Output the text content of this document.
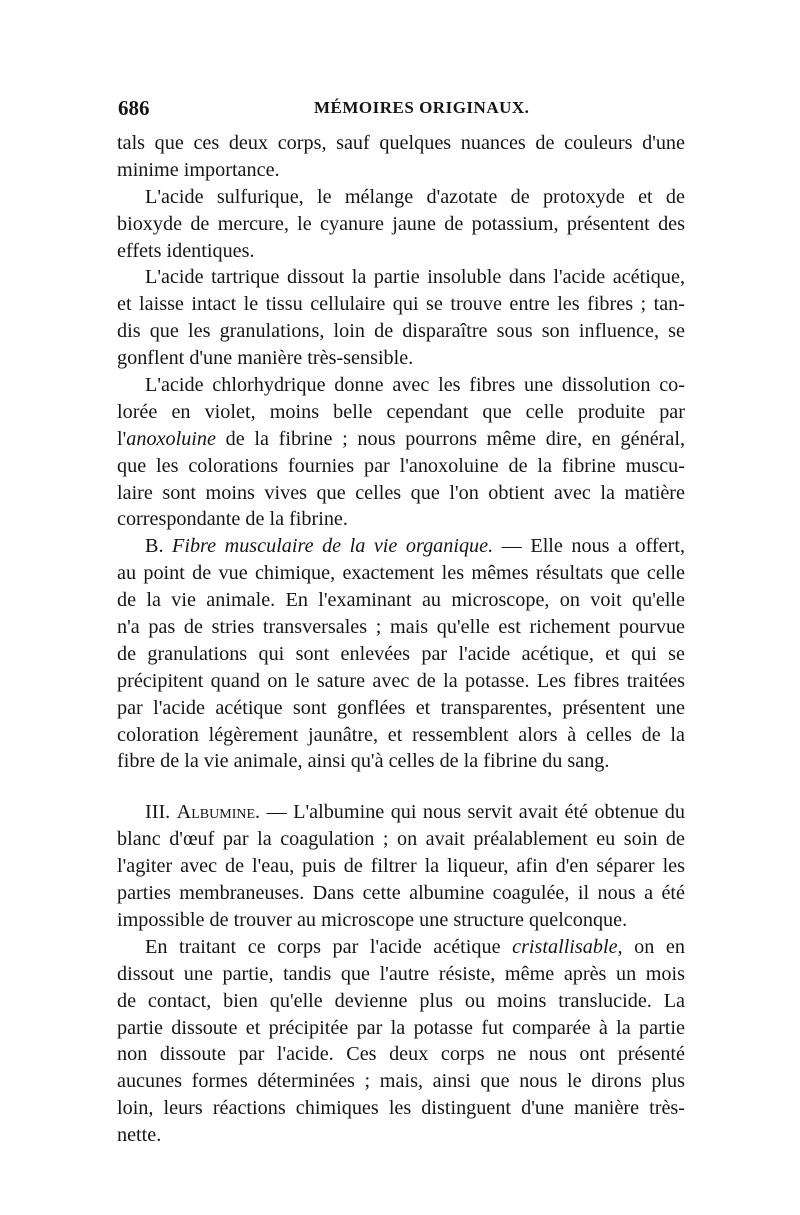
686	MÉMOIRES ORIGINAUX.
tals que ces deux corps, sauf quelques nuances de couleurs d'une
minime importance.
L'acide sulfurique, le mélange d'azotate de protoxyde et de
bioxyde de mercure, le cyanure jaune de potassium, présentent des
effets identiques.
L'acide tartrique dissout la partie insoluble dans l'acide acétique,
et laisse intact le tissu cellulaire qui se trouve entre les fibres ; tan-
dis que les granulations, loin de disparaître sous son influence, se
gonflent d'une manière très-sensible.
L'acide chlorhydrique donne avec les fibres une dissolution co-
lorée en violet, moins belle cependant que celle produite par
l'anoxoluine de la fibrine ; nous pourrons même dire, en général,
que les colorations fournies par l'anoxoluine de la fibrine muscu-
laire sont moins vives que celles que l'on obtient avec la matière
correspondante de la fibrine.
B. Fibre musculaire de la vie organique. — Elle nous a offert,
au point de vue chimique, exactement les mêmes résultats que celle
de la vie animale. En l'examinant au microscope, on voit qu'elle
n'a pas de stries transversales ; mais qu'elle est richement pourvue
de granulations qui sont enlevées par l'acide acétique, et qui se
précipitent quand on le sature avec de la potasse. Les fibres traitées
par l'acide acétique sont gonflées et transparentes, présentent une
coloration légèrement jaunâtre, et ressemblent alors à celles de la
fibre de la vie animale, ainsi qu'à celles de la fibrine du sang.
III. Albumine. — L'albumine qui nous servit avait été obtenue du
blanc d'œuf par la coagulation ; on avait préalablement eu soin de
l'agiter avec de l'eau, puis de filtrer la liqueur, afin d'en séparer les
parties membraneuses. Dans cette albumine coagulée, il nous a été
impossible de trouver au microscope une structure quelconque.
En traitant ce corps par l'acide acétique cristallisable, on en
dissout une partie, tandis que l'autre résiste, même après un mois
de contact, bien qu'elle devienne plus ou moins translucide. La
partie dissoute et précipitée par la potasse fut comparée à la partie
non dissoute par l'acide. Ces deux corps ne nous ont présenté
aucunes formes déterminées ; mais, ainsi que nous le dirons plus
loin, leurs réactions chimiques les distinguent d'une manière très-
nette.
